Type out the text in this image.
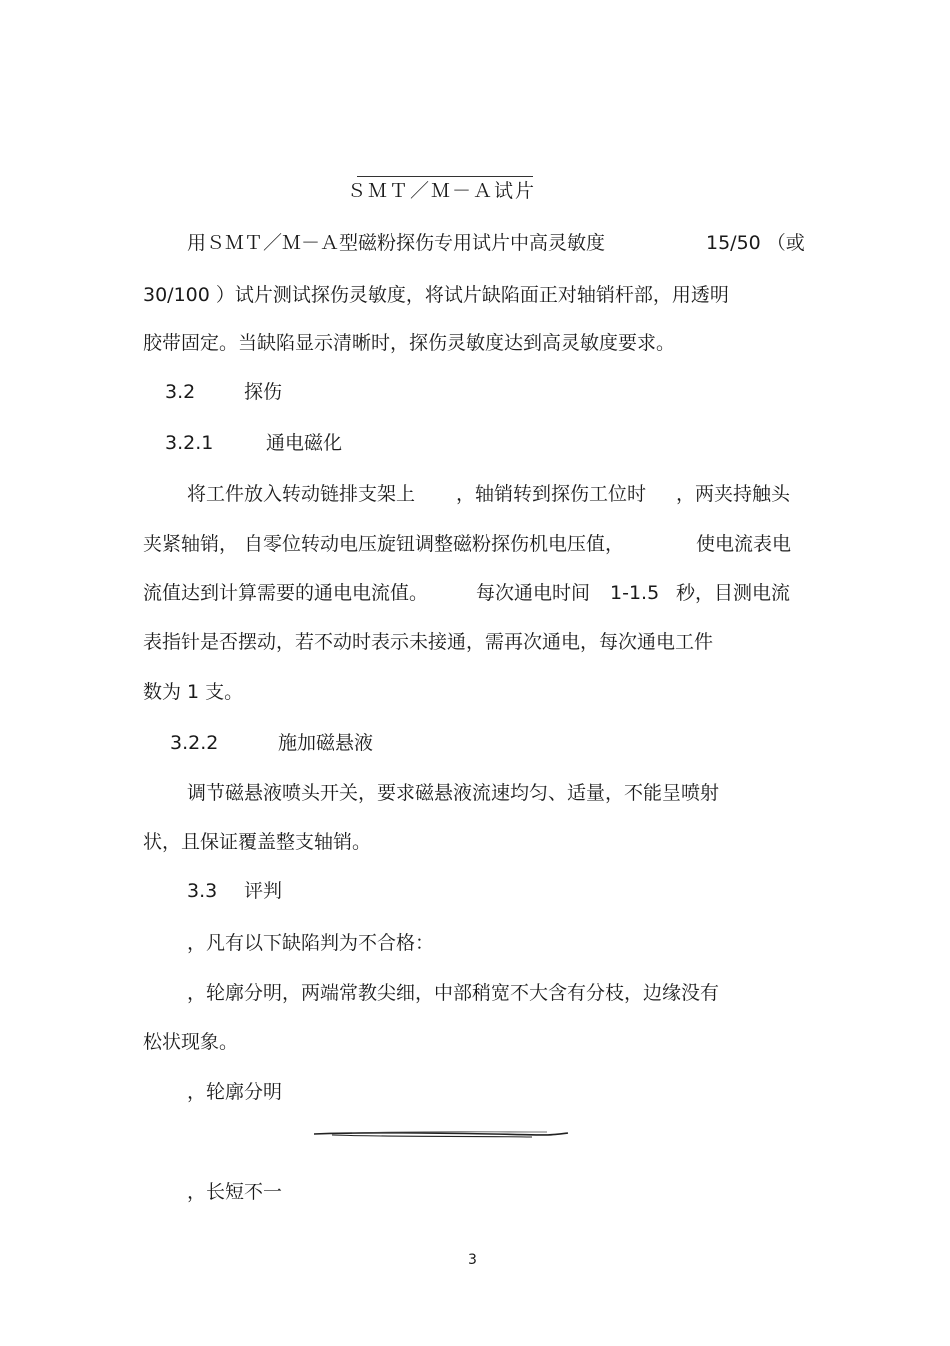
ＳＭＴ／Ｍ－Ａ试片
用ＳＭＴ／Ｍ－Ａ型磁粉探伤专用试片中高灵敏度	15/50 （或
30/100 ）试片测试探伤灵敏度，将试片缺陷面正对轴销杆部，用透明
胶带固定。当缺陷显示清晰时，探伤灵敏度达到高灵敏度要求。
3.2	探伤
3.2.1	通电磁化
将工件放入转动链排支架上 ，轴销转到探伤工位时 ，两夹持触头
夹紧轴销， 自零位转动电压旋钮调整磁粉探伤机电压值，	使电流表电
流值达到计算需要的通电电流值。	每次通电时间 1-1.5 秒，目测电流
表指针是否摆动，若不动时表示未接通，需再次通电，每次通电工件
数为 1 支。
3.2.2	施加磁悬液
调节磁悬液喷头开关，要求磁悬液流速均匀、适量，不能呈喷射
状，且保证覆盖整支轴销。
3.3 评判
，凡有以下缺陷判为不合格：
，轮廓分明，两端常教尖细，中部稍宽不大含有分枝，边缘没有
松状现象。
，轮廓分明
，长短不一
3
